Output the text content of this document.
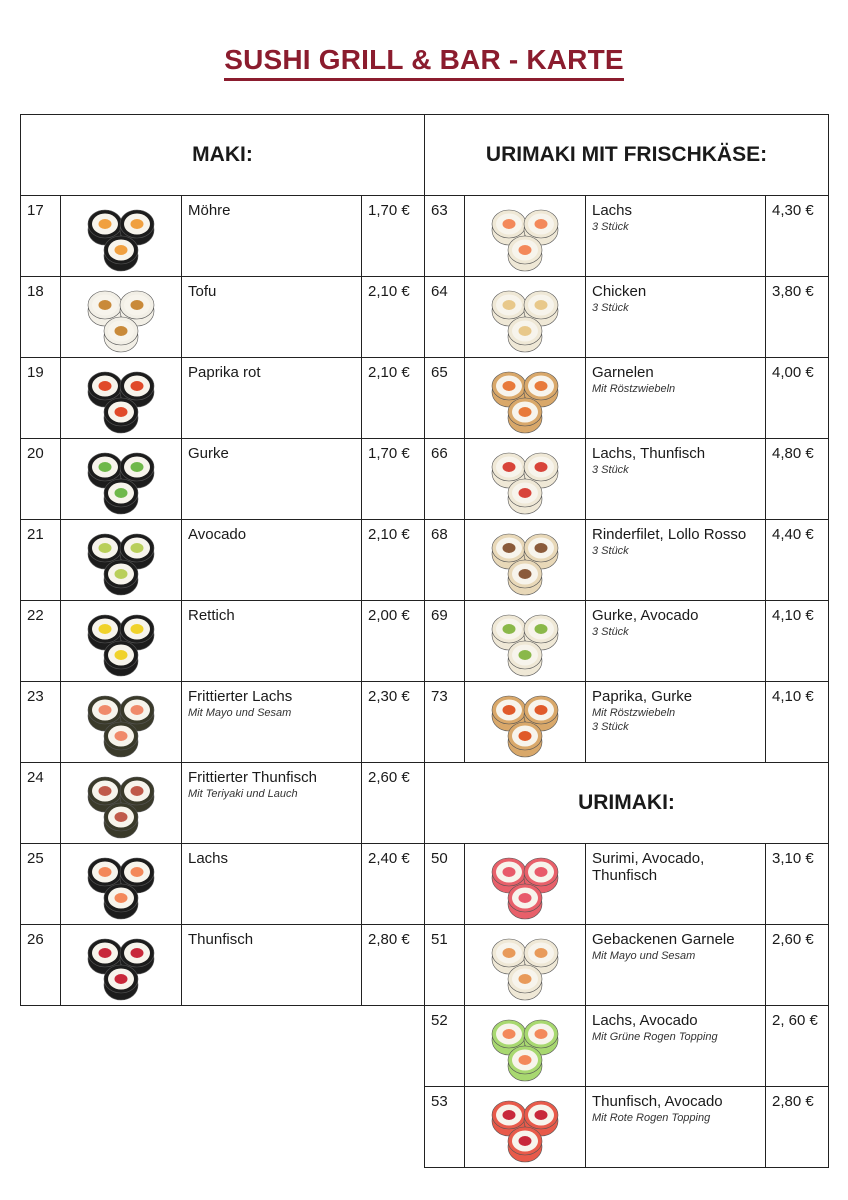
SUSHI GRILL & BAR - KARTE
MAKI:
17	Möhre	1,70 €
18	Tofu	2,10 €
19	Paprika rot	2,10 €
20	Gurke	1,70 €
21	Avocado	2,10 €
22	Rettich	2,00 €
23	Frittierter Lachs
Mit Mayo und Sesam
2,30 €
24	Frittierter Thunfisch
Mit Teriyaki und Lauch
2,60 €
25	Lachs	2,40 €
26	Thunfisch	2,80 €
URIMAKI MIT FRISCHKÄSE:
63	Lachs
3 Stück
4,30 €
64	Chicken
3 Stück
3,80 €
65	Garnelen
Mit Röstzwiebeln
4,00 €
66	Lachs, Thunfisch
3 Stück
4,80 €
68	Rinderfilet, Lollo Rosso
3 Stück
4,40 €
69	Gurke, Avocado
3 Stück
4,10 €
73	Paprika, Gurke
Mit Röstzwiebeln
3 Stück
4,10 €
URIMAKI:
50	Surimi, Avocado, Thunfisch
3,10 €
51	Gebackenen Garnele
Mit Mayo und Sesam
2,60 €
52	Lachs, Avocado
Mit Grüne Rogen Topping
2, 60 €
53	Thunfisch, Avocado
Mit Rote Rogen Topping
2,80 €
